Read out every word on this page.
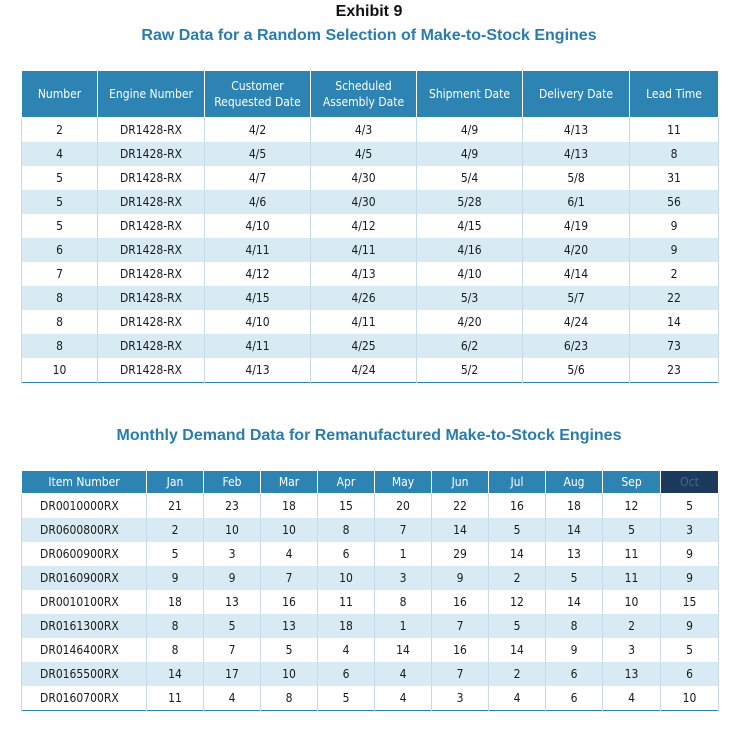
Exhibit 9
Raw Data for a Random Selection of Make-to-Stock Engines
Number	Engine Number	Customer Requested Date	Scheduled Assembly Date	Shipment Date	Delivery Date	Lead Time
2	DR1428-RX	4/2	4/3	4/9	4/13	11
4	DR1428-RX	4/5	4/5	4/9	4/13	8
5	DR1428-RX	4/7	4/30	5/4	5/8	31
5	DR1428-RX	4/6	4/30	5/28	6/1	56
5	DR1428-RX	4/10	4/12	4/15	4/19	9
6	DR1428-RX	4/11	4/11	4/16	4/20	9
7	DR1428-RX	4/12	4/13	4/10	4/14	2
8	DR1428-RX	4/15	4/26	5/3	5/7	22
8	DR1428-RX	4/10	4/11	4/20	4/24	14
8	DR1428-RX	4/11	4/25	6/2	6/23	73
10	DR1428-RX	4/13	4/24	5/2	5/6	23
Monthly Demand Data for Remanufactured Make-to-Stock Engines
Item Number	Jan	Feb	Mar	Apr	May	Jun	Jul	Aug	Sep	Oct
DR0010000RX	21	23	18	15	20	22	16	18	12	5
DR0600800RX	2	10	10	8	7	14	5	14	5	3
DR0600900RX	5	3	4	6	1	29	14	13	11	9
DR0160900RX	9	9	7	10	3	9	2	5	11	9
DR0010100RX	18	13	16	11	8	16	12	14	10	15
DR0161300RX	8	5	13	18	1	7	5	8	2	9
DR0146400RX	8	7	5	4	14	16	14	9	3	5
DR0165500RX	14	17	10	6	4	7	2	6	13	6
DR0160700RX	11	4	8	5	4	3	4	6	4	10
